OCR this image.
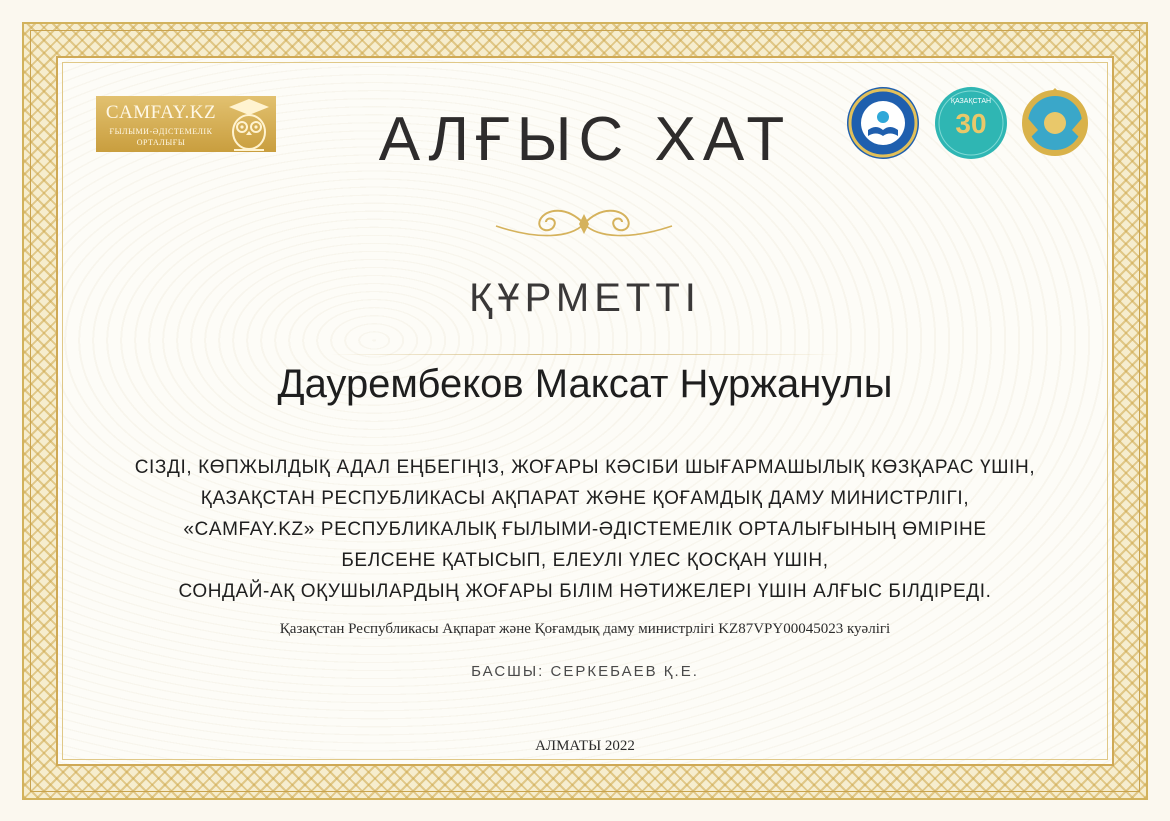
CAMFAY.KZ
ҒЫЛЫМИ-ӘДІСТЕМЕЛІК
ОРТАЛЫҒЫ
ҚАЗАҚСТАН
30
АЛҒЫС ХАТ
ҚҰРМЕТТІ
Даурембеков Максат Нуржанулы
СІЗДІ, КӨПЖЫЛДЫҚ АДАЛ ЕҢБЕГІҢІЗ, ЖОҒАРЫ КӘСІБИ ШЫҒАРМАШЫЛЫҚ КӨЗҚАРАС ҮШІН,
ҚАЗАҚСТАН РЕСПУБЛИКАСЫ АҚПАРАТ ЖӘНЕ ҚОҒАМДЫҚ ДАМУ МИНИСТРЛІГІ,
«CAMFAY.KZ» РЕСПУБЛИКАЛЫҚ ҒЫЛЫМИ-ӘДІСТЕМЕЛІК ОРТАЛЫҒЫНЫҢ ӨМІРІНЕ
БЕЛСЕНЕ ҚАТЫСЫП, ЕЛЕУЛІ ҮЛЕС ҚОСҚАН ҮШІН,
СОНДАЙ-АҚ ОҚУШЫЛАРДЫҢ ЖОҒАРЫ БІЛІМ НӘТИЖЕЛЕРІ ҮШІН АЛҒЫС БІЛДІРЕДІ.
Қазақстан Республикасы Ақпарат және Қоғамдық даму министрлігі KZ87VPY00045023 куәлігі
БАСШЫ: СЕРКЕБАЕВ Қ.Е.
АЛМАТЫ 2022
